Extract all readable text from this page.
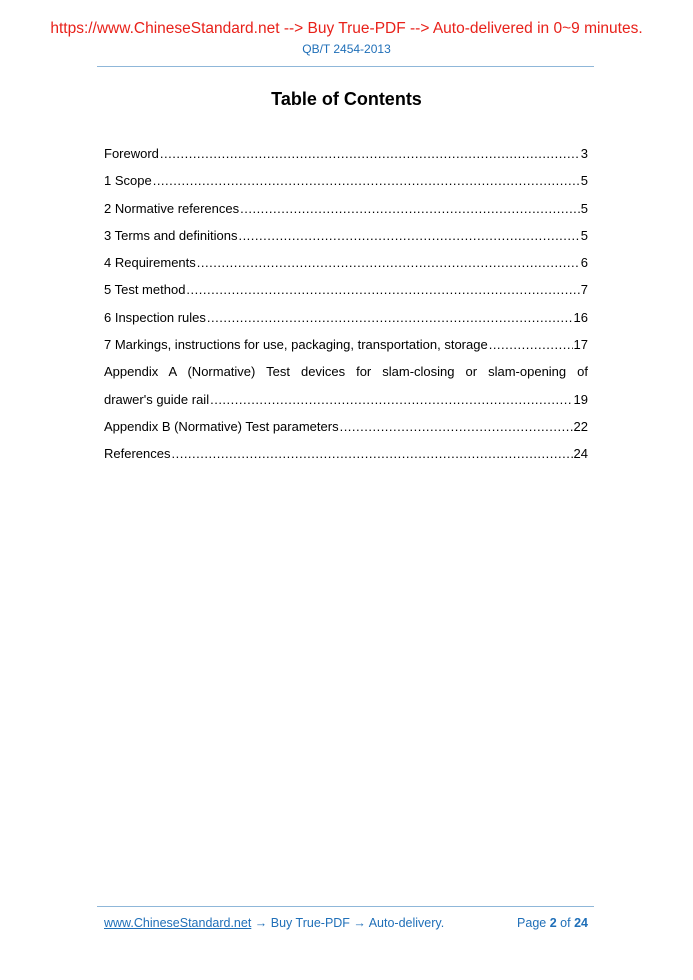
https://www.ChineseStandard.net --> Buy True-PDF --> Auto-delivered in 0~9 minutes.
QB/T 2454-2013
Table of Contents
Foreword .....	3
1 Scope .....	5
2 Normative references .....	5
3 Terms and definitions .....	5
4 Requirements .....	6
5 Test method .....	7
6 Inspection rules .....	16
7 Markings, instructions for use, packaging, transportation, storage .....	17
Appendix A (Normative) Test devices for slam-closing or slam-opening of
drawer's guide rail .....	19
Appendix B (Normative) Test parameters .....	22
References .....	24
www.ChineseStandard.net → Buy True-PDF → Auto-delivery.	Page 2 of 24
